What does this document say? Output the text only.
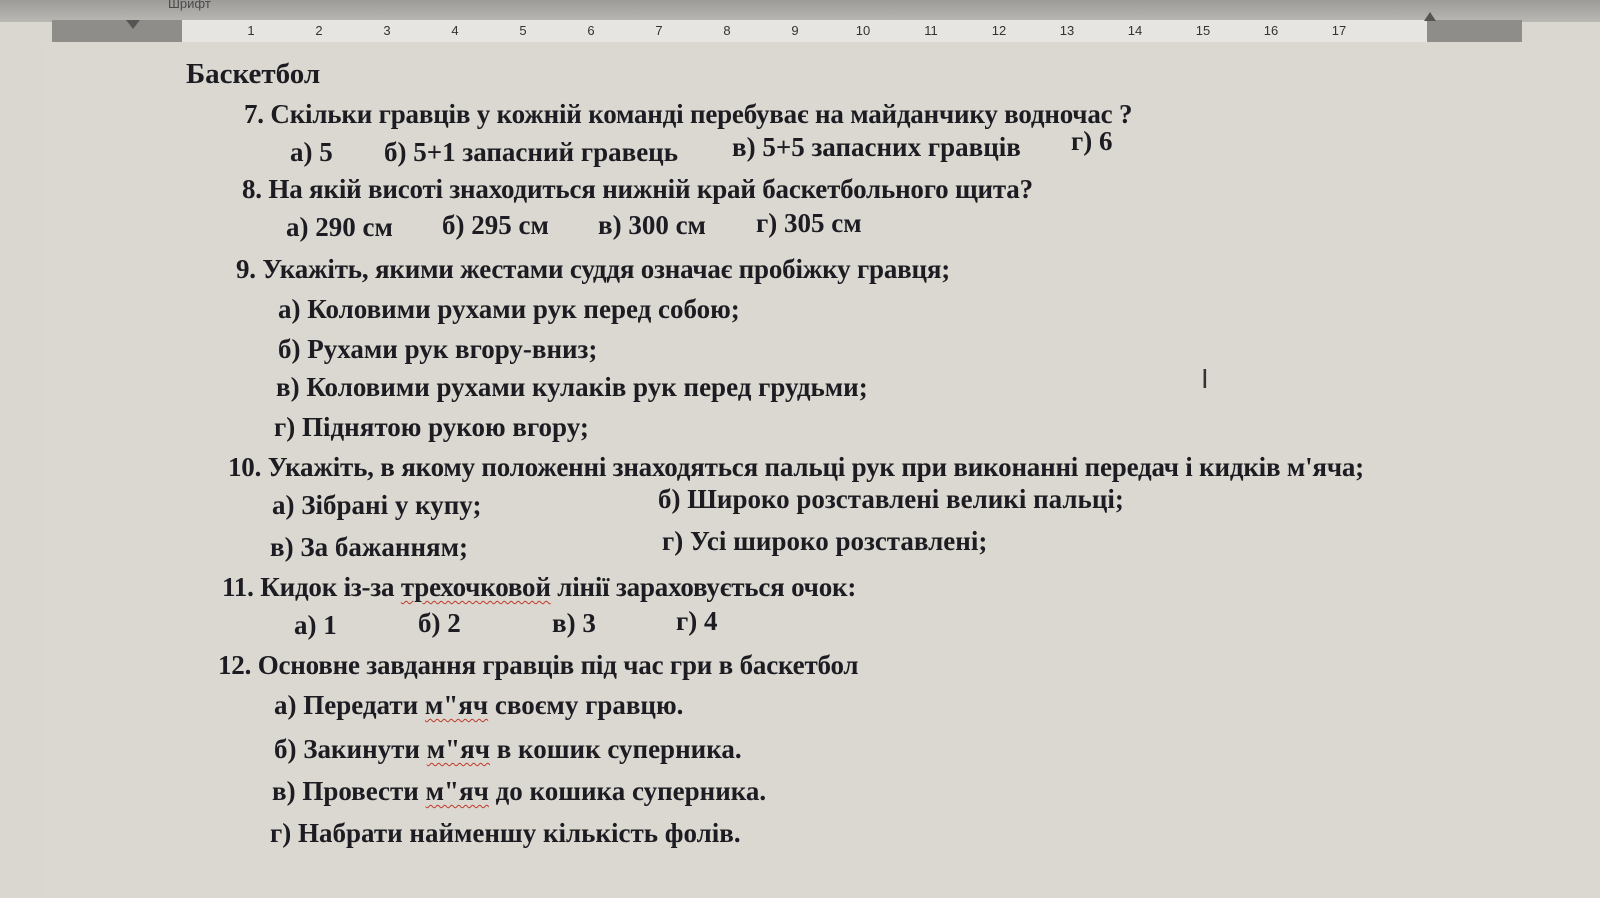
Шрифт
1	2	3	4	5	6	7	8	9	10	11	12	13	14	15	16	17
Баскетбол
7. Скільки гравців у кожній команді перебуває на майданчику водночас ?
а) 5 б) 5+1 запасний гравець в) 5+5 запасних гравців г) 6
8. На якій висоті знаходиться нижній край баскетбольного щита?
а) 290 см б) 295 см в) 300 см г) 305 см
9. Укажіть, якими жестами суддя означає пробіжку гравця;
а) Коловими рухами рук перед собою;
б) Рухами рук вгору-вниз;
в) Коловими рухами кулаків рук перед грудьми;
г) Піднятою рукою вгору;
10. Укажіть, в якому положенні знаходяться пальці рук при виконанні передач і кидків м'яча;
а) Зібрані у купу;	б) Широко розставлені великі пальці;
в) За бажанням;	г) Усі широко розставлені;
11. Кидок із-за трехочковой лінії зараховується очок:
а) 1	б) 2	в) 3	г) 4
12. Основне завдання гравців під час гри в баскетбол
а) Передати м"яч своєму гравцю.
б) Закинути м"яч в кошик суперника.
в) Провести м"яч до кошика суперника.
г) Набрати найменшу кількість фолів.
I
